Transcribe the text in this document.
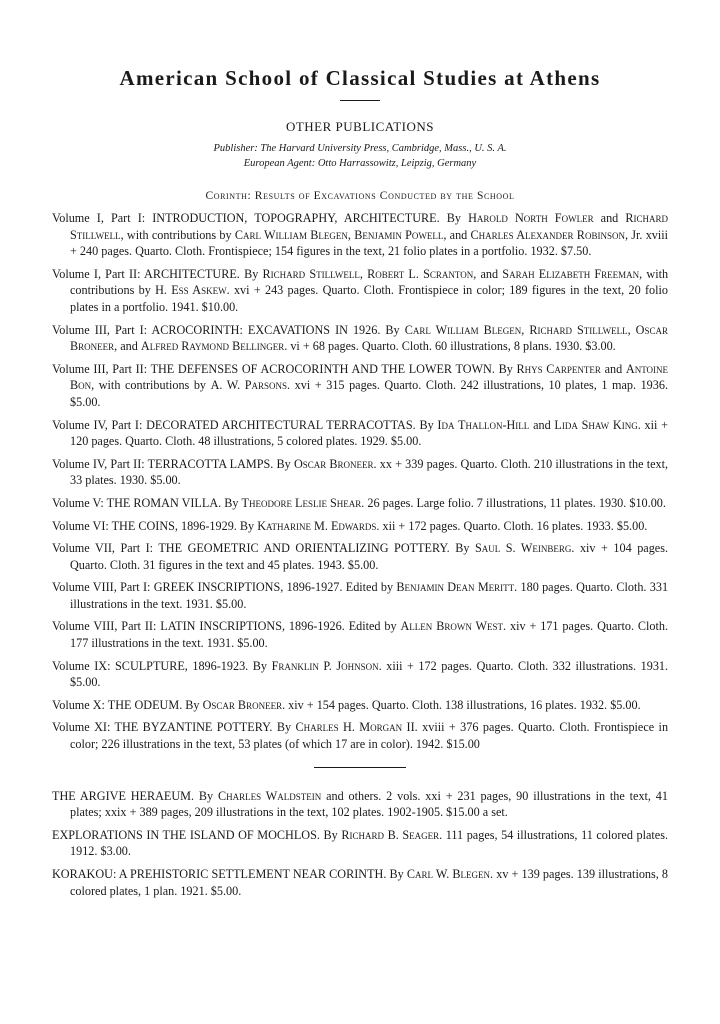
American School of Classical Studies at Athens
OTHER PUBLICATIONS
Publisher: The Harvard University Press, Cambridge, Mass., U. S. A.
European Agent: Otto Harrassowitz, Leipzig, Germany
Corinth: Results of Excavations Conducted by the School
Volume I, Part I: INTRODUCTION, TOPOGRAPHY, ARCHITECTURE. By Harold North Fowler and Richard Stillwell, with contributions by Carl William Blegen, Benjamin Powell, and Charles Alexander Robinson, Jr. xviii + 240 pages. Quarto. Cloth. Frontispiece; 154 figures in the text, 21 folio plates in a portfolio. 1932. $7.50.
Volume I, Part II: ARCHITECTURE. By Richard Stillwell, Robert L. Scranton, and Sarah Elizabeth Freeman, with contributions by H. Ess Askew. xvi + 243 pages. Quarto. Cloth. Frontispiece in color; 189 figures in the text, 20 folio plates in a portfolio. 1941. $10.00.
Volume III, Part I: ACROCORINTH: EXCAVATIONS IN 1926. By Carl William Blegen, Richard Stillwell, Oscar Broneer, and Alfred Raymond Bellinger. vi + 68 pages. Quarto. Cloth. 60 illustrations, 8 plans. 1930. $3.00.
Volume III, Part II: THE DEFENSES OF ACROCORINTH AND THE LOWER TOWN. By Rhys Carpenter and Antoine Bon, with contributions by A. W. Parsons. xvi + 315 pages. Quarto. Cloth. 242 illustrations, 10 plates, 1 map. 1936. $5.00.
Volume IV, Part I: DECORATED ARCHITECTURAL TERRACOTTAS. By Ida Thallon-Hill and Lida Shaw King. xii + 120 pages. Quarto. Cloth. 48 illustrations, 5 colored plates. 1929. $5.00.
Volume IV, Part II: TERRACOTTA LAMPS. By Oscar Broneer. xx + 339 pages. Quarto. Cloth. 210 illustrations in the text, 33 plates. 1930. $5.00.
Volume V: THE ROMAN VILLA. By Theodore Leslie Shear. 26 pages. Large folio. 7 illustrations, 11 plates. 1930. $10.00.
Volume VI: THE COINS, 1896-1929. By Katharine M. Edwards. xii + 172 pages. Quarto. Cloth. 16 plates. 1933. $5.00.
Volume VII, Part I: THE GEOMETRIC AND ORIENTALIZING POTTERY. By Saul S. Weinberg. xiv + 104 pages. Quarto. Cloth. 31 figures in the text and 45 plates. 1943. $5.00.
Volume VIII, Part I: GREEK INSCRIPTIONS, 1896-1927. Edited by Benjamin Dean Meritt. 180 pages. Quarto. Cloth. 331 illustrations in the text. 1931. $5.00.
Volume VIII, Part II: LATIN INSCRIPTIONS, 1896-1926. Edited by Allen Brown West. xiv + 171 pages. Quarto. Cloth. 177 illustrations in the text. 1931. $5.00.
Volume IX: SCULPTURE, 1896-1923. By Franklin P. Johnson. xiii + 172 pages. Quarto. Cloth. 332 illustrations. 1931. $5.00.
Volume X: THE ODEUM. By Oscar Broneer. xiv + 154 pages. Quarto. Cloth. 138 illustrations, 16 plates. 1932. $5.00.
Volume XI: THE BYZANTINE POTTERY. By Charles H. Morgan II. xviii + 376 pages. Quarto. Cloth. Frontispiece in color; 226 illustrations in the text, 53 plates (of which 17 are in color). 1942. $15.00
THE ARGIVE HERAEUM. By Charles Waldstein and others. 2 vols. xxi + 231 pages, 90 illustrations in the text, 41 plates; xxix + 389 pages, 209 illustrations in the text, 102 plates. 1902-1905. $15.00 a set.
EXPLORATIONS IN THE ISLAND OF MOCHLOS. By Richard B. Seager. 111 pages, 54 illustrations, 11 colored plates. 1912. $3.00.
KORAKOU: A PREHISTORIC SETTLEMENT NEAR CORINTH. By Carl W. Blegen. xv + 139 pages. 139 illustrations, 8 colored plates, 1 plan. 1921. $5.00.
